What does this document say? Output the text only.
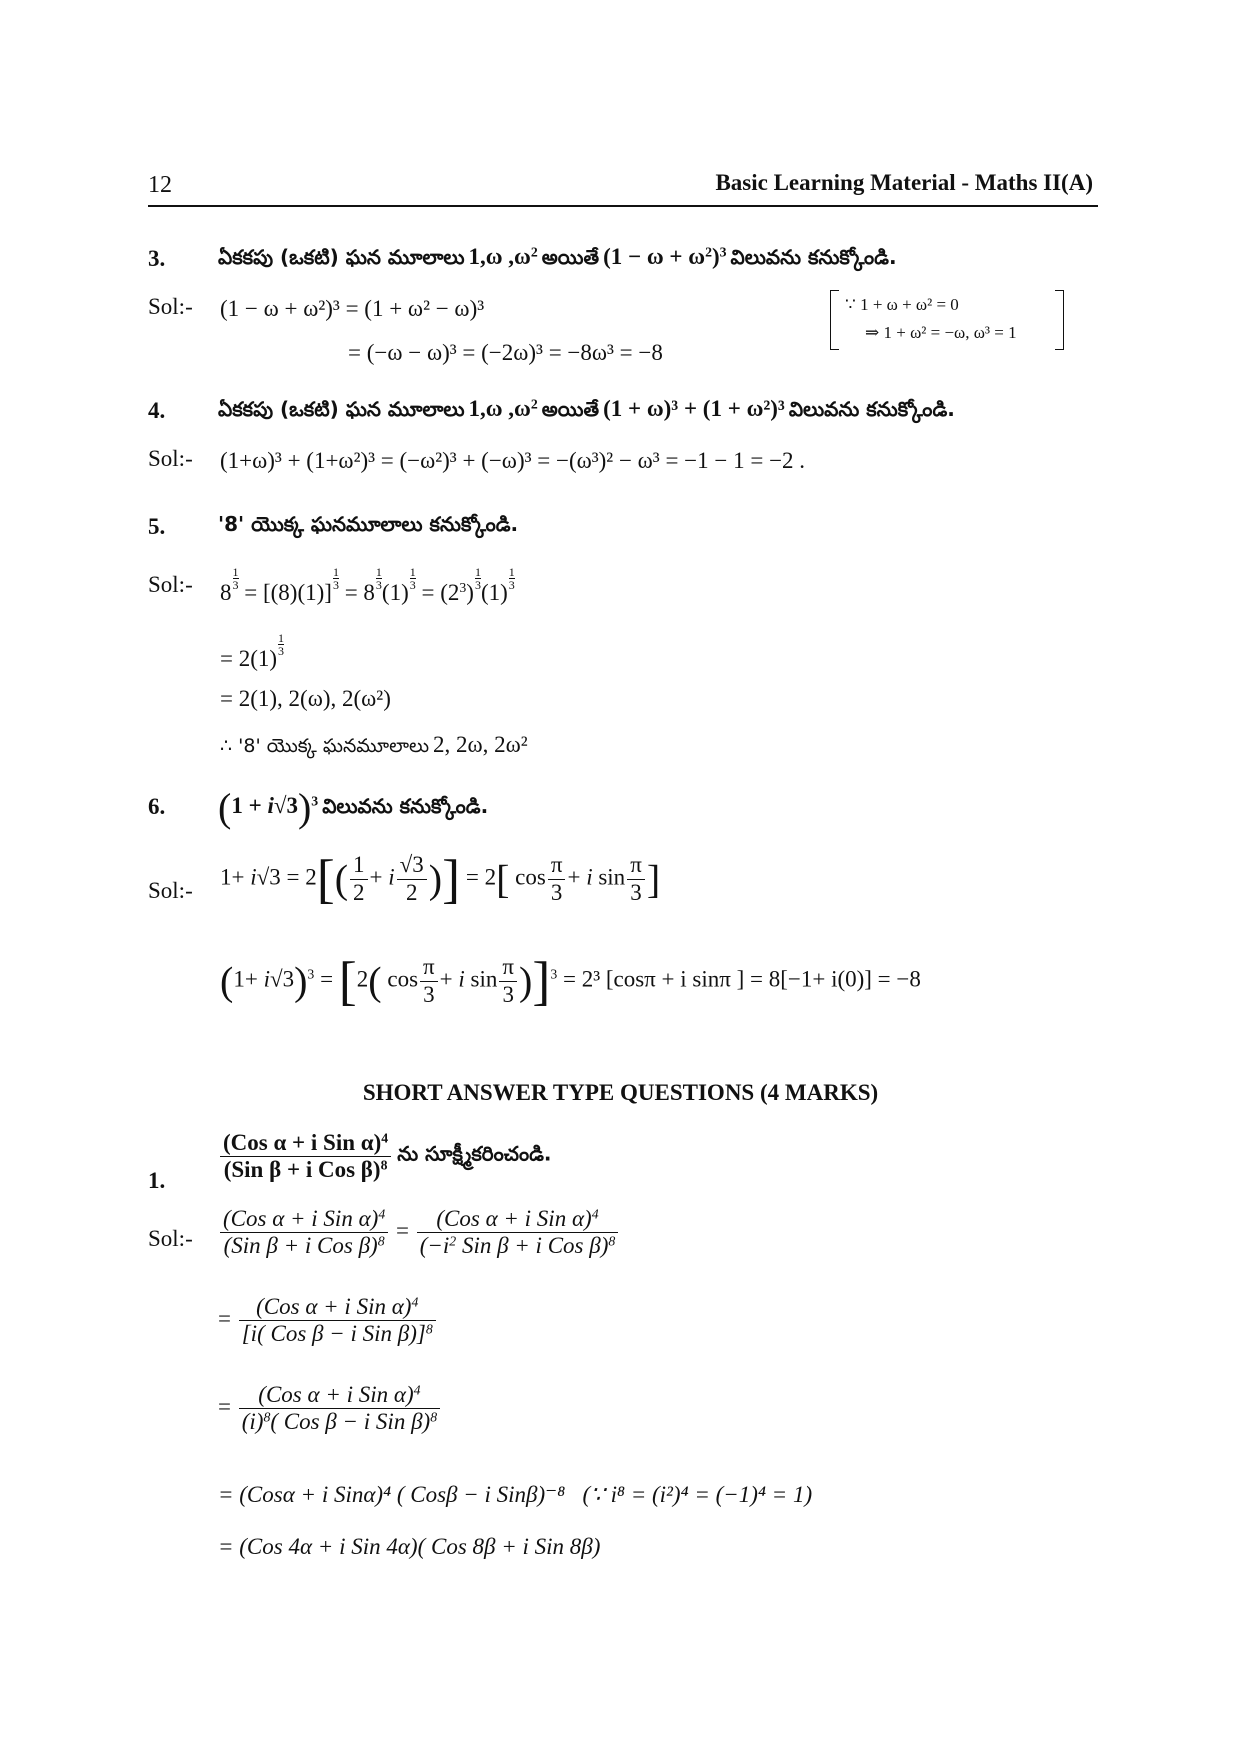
12	Basic Learning Material - Maths II(A)
3.	ఏకకపు (ఒకటి) ఘన మూలాలు 1,ω $,\omega^2$ అయితే $(1 - \omega + \omega^2)^3$ విలువను కనుక్కోండి.
Sol:- (1 − ω + ω²)³ = (1 + ω² − ω)³
= (−ω − ω)³ = (−2ω)³ = −8ω³ = −8
∵ 1 + ω + ω² = 0
⇒ 1 + ω² = −ω, ω³ = 1
4.	ఏకకపు (ఒకటి) ఘన మూలాలు 1,ω $,\omega^2$ అయితే (1 + ω)³ + (1 + ω²)³ విలువను కనుక్కోండి.
Sol:- (1+ω)³ + (1+ω²)³ = (−ω²)³ + (−ω)³ = −(ω³)² − ω³ = −1 − 1 = −2 .
5.	'8' యొక్క ఘనమూలాలు కనుక్కోండి.
Sol:- 8
$\frac{1}{3}$
= [(8)(1)]
$\frac{1}{3}$
= 8
$\frac{1}{3}$
(1)
$\frac{1}{3}$
= $(2^3)$
$\frac{1}{3}$
(1)
$\frac{1}{3}$
= 2(1)
$\frac{1}{3}$
= 2(1), 2(ω), 2(ω²)
∴ '8' యొక్క ఘనమూలాలు 2, 2ω, 2ω²
6. $(1 + i√3)^3$ విలువను కనుక్కోండి.
Sol:-
$1+ i√3 = 2[( \frac{1}{2} + i \frac{√3}{2}$ )] = 2[ $\cos \frac{\pi}{3} + i$ $\sin \frac{\pi}{3}$ ]
$(1+ i√3)^3 = [2$( $\cos \frac{\pi}{3} + i$ $\sin \frac{\pi}{3} )]^3 = 2^3$ [cosπ + i sinπ ] = 8[−1+ i(0)] = −8
SHORT ANSWER TYPE QUESTIONS (4 MARKS)
1. $\frac{(Cos \alpha + i Sin \alpha)^4}{(Sin \beta + i Cos \beta)^8}$ ను సూక్ష్మీకరించండి.
Sol:- $\frac{(Cos \alpha + i Sin \alpha)^4}{(Sin \beta + i Cos \beta)^8} = \frac{(Cos \alpha + i Sin \alpha)^4}{(-i^2 Sin \beta + i Cos \beta)^8}$
= $\frac{(Cos \alpha + i Sin \alpha)^4}{[i( Cos \beta - i Sin \beta)]^8}$
= $\frac{(Cos \alpha + i Sin \alpha)^4}{(i)^8( Cos \beta - i Sin \beta)^8}$
= (Cosα + i Sinα)⁴ ( Cosβ − i Sinβ)⁻⁸ (∵ i⁸ = (i²)⁴ = (−1)⁴ = 1)
= (Cos 4α + i Sin 4α)( Cos 8β + i Sin 8β)
